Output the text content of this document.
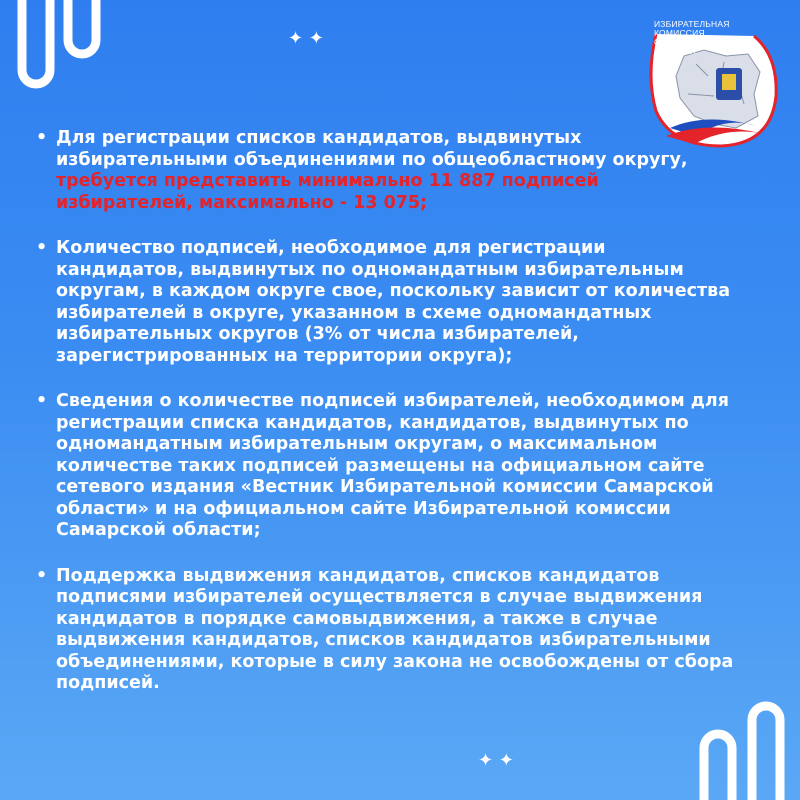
✦ ✦
ИЗБИРАТЕЛЬНАЯ
КОМИССИЯ
САМАРСКОЙ
ОБЛАСТИ
• Для регистрации списков кандидатов, выдвинутых избирательными объединениями по общеобластному округу, требуется представить минимально 11 887 подписей избирателей, максимально - 13 075;
• Количество подписей, необходимое для регистрации кандидатов, выдвинутых по одномандатным избирательным округам, в каждом округе свое, поскольку зависит от количества избирателей в округе, указанном в схеме одномандатных избирательных округов (3% от числа избирателей, зарегистрированных на территории округа);
• Сведения о количестве подписей избирателей, необходимом для регистрации списка кандидатов, кандидатов, выдвинутых по одномандатным избирательным округам, о максимальном количестве таких подписей размещены на официальном сайте сетевого издания «Вестник Избирательной комиссии Самарской области» и на официальном сайте Избирательной комиссии Самарской области;
• Поддержка выдвижения кандидатов, списков кандидатов подписями избирателей осуществляется в случае выдвижения кандидатов в порядке самовыдвижения, а также в случае выдвижения кандидатов, списков кандидатов избирательными объединениями, которые в силу закона не освобождены от сбора подписей.
✦ ✦
